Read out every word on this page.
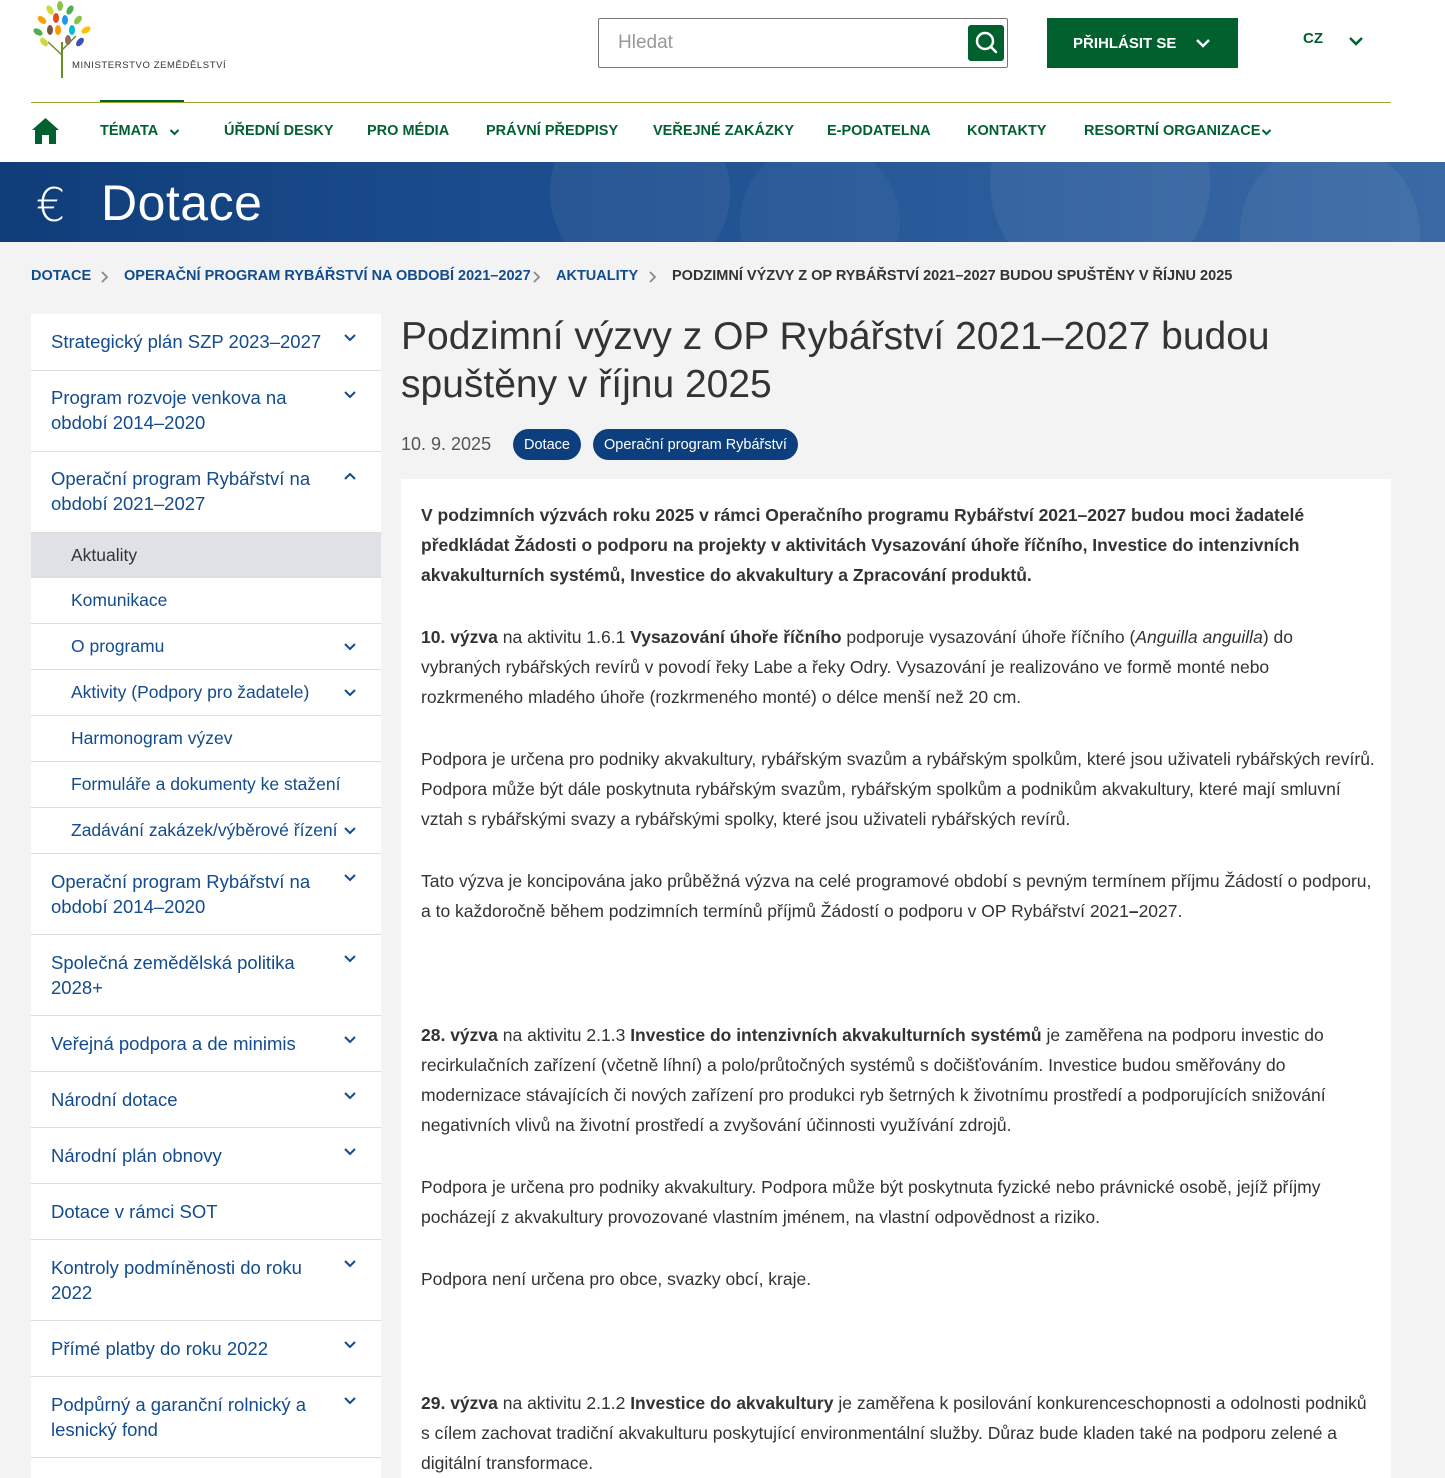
MINISTERSTVO ZEMĚDĚLSTVÍ
Hledat
PŘIHLÁSIT SE	CZ
TÉMATA	ÚŘEDNÍ DESKY PRO MÉDIA	PRÁVNÍ PŘEDPISY VEŘEJNÉ ZAKÁZKY E-PODATELNA	KONTAKTY	RESORTNÍ ORGANIZACE
€ Dotace
DOTACE OPERAČNÍ PROGRAM RYBÁŘSTVÍ NA OBDOBÍ 2021–2027 AKTUALITY PODZIMNÍ VÝZVY Z OP RYBÁŘSTVÍ 2021–2027 BUDOU SPUŠTĚNY V ŘÍJNU 2025
Strategický plán SZP 2023–2027
Program rozvoje venkova na období 2014–2020
Operační program Rybářství na období 2021–2027
Aktuality
Komunikace
O programu
Aktivity (Podpory pro žadatele)
Harmonogram výzev
Formuláře a dokumenty ke stažení
Zadávání zakázek/výběrové řízení
Operační program Rybářství na období 2014–2020
Společná zemědělská politika 2028+
Veřejná podpora a de minimis
Národní dotace
Národní plán obnovy
Dotace v rámci SOT
Kontroly podmíněnosti do roku 2022
Přímé platby do roku 2022
Podpůrný a garanční rolnický a lesnický fond
Podzimní výzvy z OP Rybářství 2021–2027 budou spuštěny v říjnu 2025
10. 9. 2025	Dotace	Operační program Rybářství

V podzimních výzvách roku 2025 v rámci Operačního programu Rybářství 2021–2027 budou moci žadatelé předkládat Žádosti o podporu na projekty v aktivitách Vysazování úhoře říčního, Investice do intenzivních akvakulturních systémů, Investice do akvakultury a Zpracování produktů.

10. výzva na aktivitu 1.6.1 Vysazování úhoře říčního podporuje vysazování úhoře říčního (Anguilla anguilla) do vybraných rybářských revírů v povodí řeky Labe a řeky Odry. Vysazování je realizováno ve formě monté nebo rozkrmeného mladého úhoře (rozkrmeného monté) o délce menší než 20 cm.

Podpora je určena pro podniky akvakultury, rybářským svazům a rybářským spolkům, které jsou uživateli rybářských revírů. Podpora může být dále poskytnuta rybářským svazům, rybářským spolkům a podnikům akvakultury, které mají smluvní vztah s rybářskými svazy a rybářskými spolky, které jsou uživateli rybářských revírů.

Tato výzva je koncipována jako průběžná výzva na celé programové období s pevným termínem příjmu Žádostí o podporu, a to každoročně během podzimních termínů příjmů Žádostí o podporu v OP Rybářství 2021–2027.

28. výzva na aktivitu 2.1.3 Investice do intenzivních akvakulturních systémů je zaměřena na podporu investic do recirkulačních zařízení (včetně líhní) a polo/průtočných systémů s dočišťováním. Investice budou směřovány do modernizace stávajících či nových zařízení pro produkci ryb šetrných k životnímu prostředí a podporujících snižování negativních vlivů na životní prostředí a zvyšování účinnosti využívání zdrojů.

Podpora je určena pro podniky akvakultury. Podpora může být poskytnuta fyzické nebo právnické osobě, jejíž příjmy pocházejí z akvakultury provozované vlastním jménem, na vlastní odpovědnost a riziko.

Podpora není určena pro obce, svazky obcí, kraje.

29. výzva na aktivitu 2.1.2 Investice do akvakultury je zaměřena k posilování konkurenceschopnosti a odolnosti podniků s cílem zachovat tradiční akvakulturu poskytující environmentální služby. Důraz bude kladen také na podporu zelené a digitální transformace.
